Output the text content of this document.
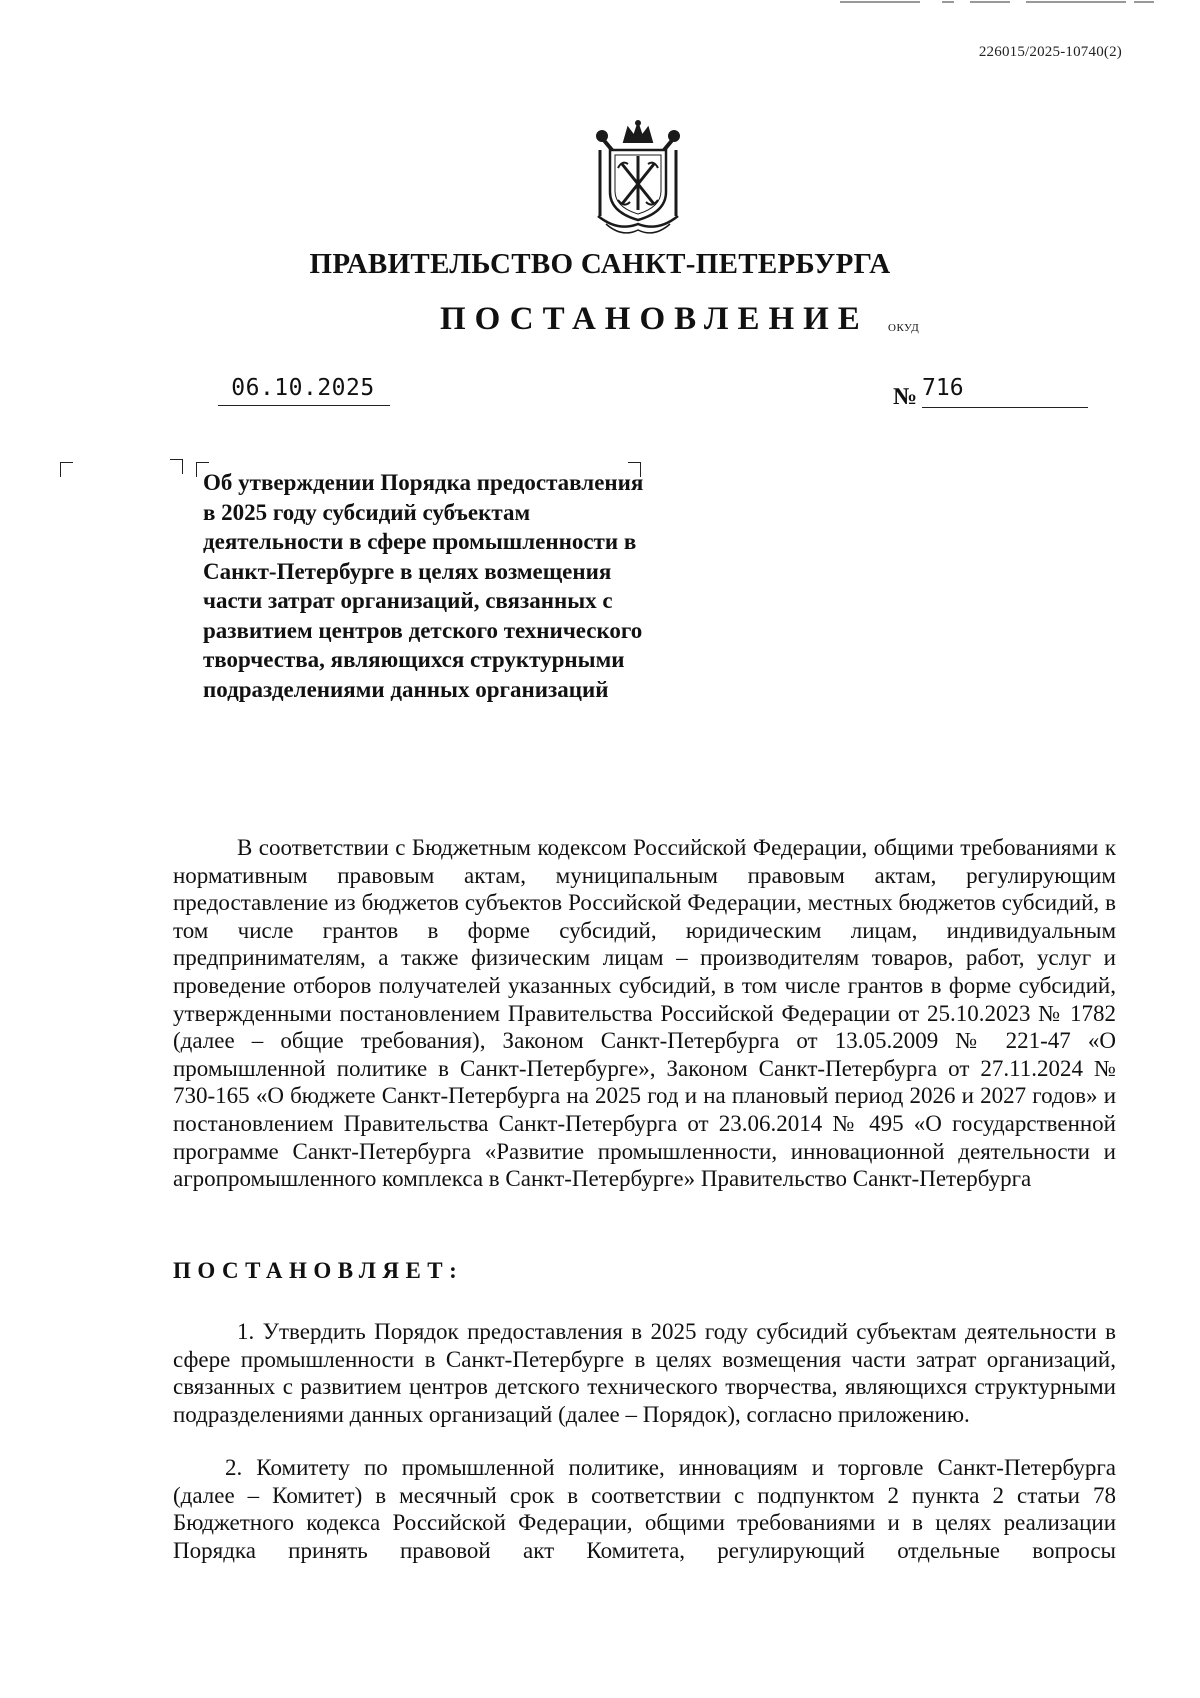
226015/2025-10740(2)
ПРАВИТЕЛЬСТВО САНКТ-ПЕТЕРБУРГА
ПОСТАНОВЛЕНИЕ ОКУД
06.10.2025	№ 716
Об утверждении Порядка предоставления в 2025 году субсидий субъектам деятельности в сфере промышленности в Санкт-Петербурге в целях возмещения части затрат организаций, связанных с развитием центров детского технического творчества, являющихся структурными подразделениями данных организаций

В соответствии с Бюджетным кодексом Российской Федерации, общими требованиями к нормативным правовым актам, муниципальным правовым актам, регулирующим предоставление из бюджетов субъектов Российской Федерации, местных бюджетов субсидий, в том числе грантов в форме субсидий, юридическим лицам, индивидуальным предпринимателям, а также физическим лицам – производителям товаров, работ, услуг и проведение отборов получателей указанных субсидий, в том числе грантов в форме субсидий, утвержденными постановлением Правительства Российской Федерации от 25.10.2023 № 1782 (далее – общие требования), Законом Санкт-Петербурга от 13.05.2009 № 221-47 «О промышленной политике в Санкт-Петербурге», Законом Санкт-Петербурга от 27.11.2024 № 730-165 «О бюджете Санкт-Петербурга на 2025 год и на плановый период 2026 и 2027 годов» и постановлением Правительства Санкт-Петербурга от 23.06.2014 № 495 «О государственной программе Санкт-Петербурга «Развитие промышленности, инновационной деятельности и агропромышленного комплекса в Санкт-Петербурге» Правительство Санкт-Петербурга

ПОСТАНОВЛЯЕТ:

1. Утвердить Порядок предоставления в 2025 году субсидий субъектам деятельности в сфере промышленности в Санкт-Петербурге в целях возмещения части затрат организаций, связанных с развитием центров детского технического творчества, являющихся структурными подразделениями данных организаций (далее – Порядок), согласно приложению.

2. Комитету по промышленной политике, инновациям и торговле Санкт-Петербурга (далее – Комитет) в месячный срок в соответствии с подпунктом 2 пункта 2 статьи 78 Бюджетного кодекса Российской Федерации, общими требованиями и в целях реализации Порядка принять правовой акт Комитета, регулирующий отдельные вопросы
